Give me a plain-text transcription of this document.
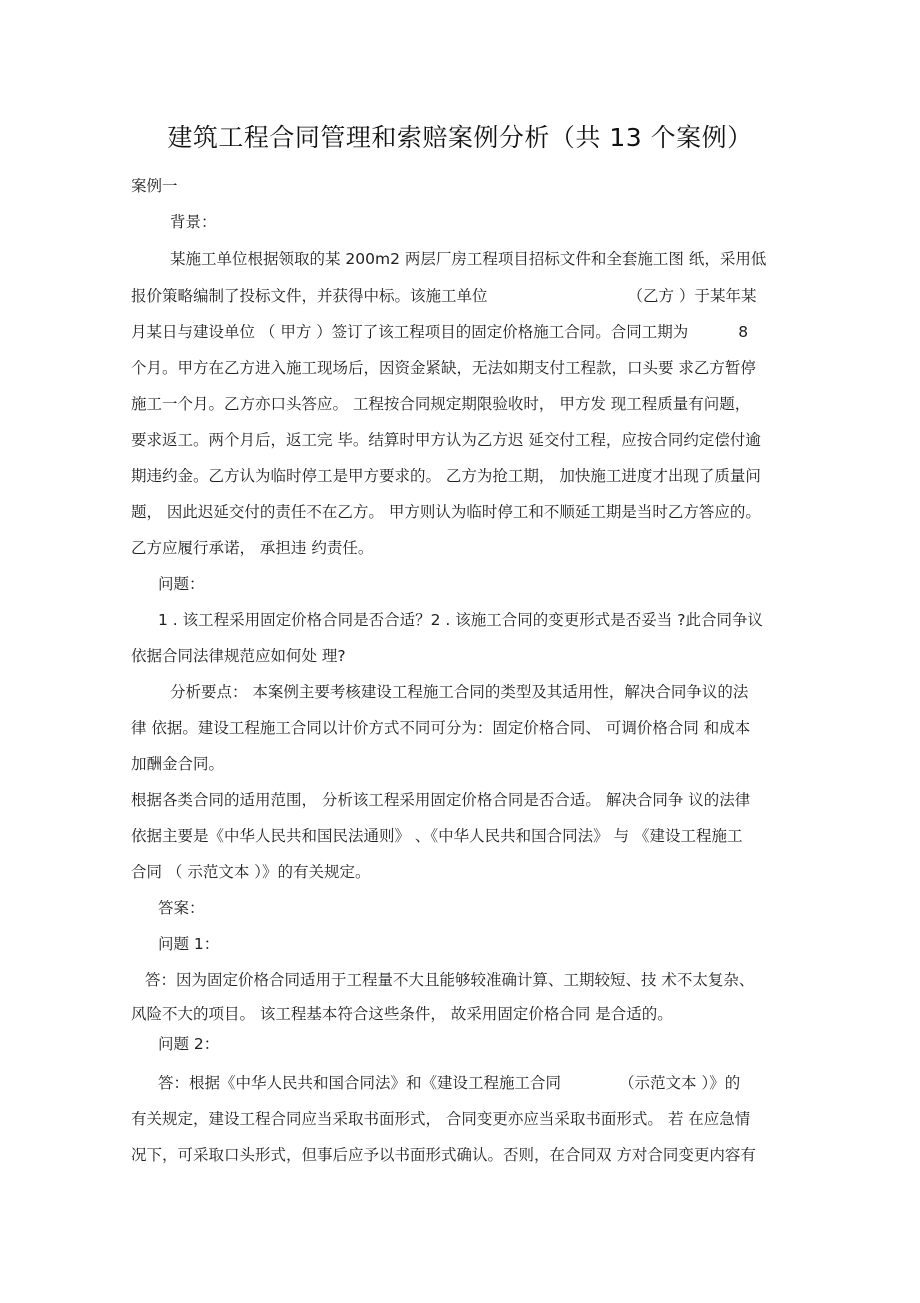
建筑工程合同管理和索赔案例分析（共 13 个案例）
案例一
背景：
某施工单位根据领取的某 200m2 两层厂房工程项目招标文件和全套施工图 纸，采用低
报价策略编制了投标文件，并获得中标。该施工单位	（乙方 ）于某年某
月某日与建设单位 （ 甲方 ）签订了该工程项目的固定价格施工合同。合同工期为	8
个月。甲方在乙方进入施工现场后，因资金紧缺，无法如期支付工程款，口头要 求乙方暂停
施工一个月。乙方亦口头答应。 工程按合同规定期限验收时， 甲方发 现工程质量有问题，
要求返工。两个月后，返工完 毕。结算时甲方认为乙方迟 延交付工程，应按合同约定偿付逾
期违约金。乙方认为临时停工是甲方要求的。 乙方为抢工期， 加快施工进度才出现了质量问
题， 因此迟延交付的责任不在乙方。 甲方则认为临时停工和不顺延工期是当时乙方答应的。
乙方应履行承诺， 承担违 约责任。
问题：
1 . 该工程采用固定价格合同是否合适？2 . 该施工合同的变更形式是否妥当 ?此合同争议
依据合同法律规范应如何处 理?
分析要点： 本案例主要考核建设工程施工合同的类型及其适用性，解决合同争议的法
律 依据。建设工程施工合同以计价方式不同可分为：固定价格合同、 可调价格合同 和成本
加酬金合同。
根据各类合同的适用范围， 分析该工程采用固定价格合同是否合适。 解决合同争 议的法律
依据主要是《中华人民共和国民法通则》 、《中华人民共和国合同法》 与 《建设工程施工
合同 （ 示范文本 ）》的有关规定。
答案：
问题 1：
答：因为固定价格合同适用于工程量不大且能够较准确计算、工期较短、技 术不太复杂、
风险不大的项目。 该工程基本符合这些条件， 故采用固定价格合同 是合适的。
问题 2：
答：根据《中华人民共和国合同法》和《建设工程施工合同	（示范文本 ）》的
有关规定，建设工程合同应当采取书面形式， 合同变更亦应当采取书面形式。 若 在应急情
况下，可采取口头形式，但事后应予以书面形式确认。否则，在合同双 方对合同变更内容有
